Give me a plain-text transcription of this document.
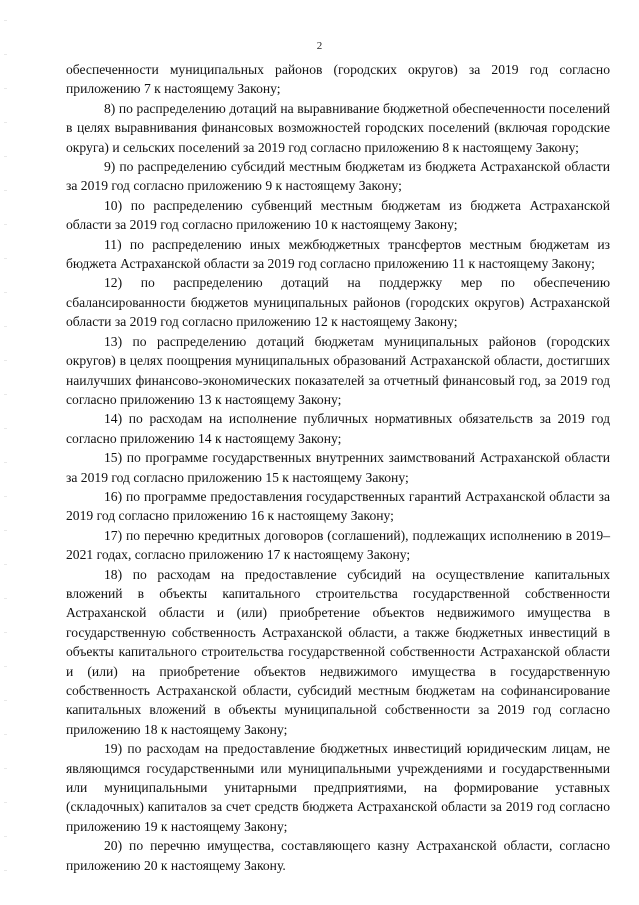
2

обеспеченности муниципальных районов (городских округов) за 2019 год согласно приложению 7 к настоящему Закону;

8) по распределению дотаций на выравнивание бюджетной обеспеченности поселений в целях выравнивания финансовых возможностей городских поселений (включая городские округа) и сельских поселений за 2019 год согласно приложению 8 к настоящему Закону;

9) по распределению субсидий местным бюджетам из бюджета Астраханской области за 2019 год согласно приложению 9 к настоящему Закону;

10) по распределению субвенций местным бюджетам из бюджета Астраханской области за 2019 год согласно приложению 10 к настоящему Закону;

11) по распределению иных межбюджетных трансфертов местным бюджетам из бюджета Астраханской области за 2019 год согласно приложению 11 к настоящему Закону;

12) по распределению дотаций на поддержку мер по обеспечению сбалансированности бюджетов муниципальных районов (городских округов) Астраханской области за 2019 год согласно приложению 12 к настоящему Закону;

13) по распределению дотаций бюджетам муниципальных районов (городских округов) в целях поощрения муниципальных образований Астраханской области, достигших наилучших финансово-экономических показателей за отчетный финансовый год, за 2019 год согласно приложению 13 к настоящему Закону;

14) по расходам на исполнение публичных нормативных обязательств за 2019 год согласно приложению 14 к настоящему Закону;

15) по программе государственных внутренних заимствований Астраханской области за 2019 год согласно приложению 15 к настоящему Закону;

16) по программе предоставления государственных гарантий Астраханской области за 2019 год согласно приложению 16 к настоящему Закону;

17) по перечню кредитных договоров (соглашений), подлежащих исполнению в 2019–2021 годах, согласно приложению 17 к настоящему Закону;

18) по расходам на предоставление субсидий на осуществление капитальных вложений в объекты капитального строительства государственной собственности Астраханской области и (или) приобретение объектов недвижимого имущества в государственную собственность Астраханской области, а также бюджетных инвестиций в объекты капитального строительства государственной собственности Астраханской области и (или) на приобретение объектов недвижимого имущества в государственную собственность Астраханской области, субсидий местным бюджетам на софинансирование капитальных вложений в объекты муниципальной собственности за 2019 год согласно приложению 18 к настоящему Закону;

19) по расходам на предоставление бюджетных инвестиций юридическим лицам, не являющимся государственными или муниципальными учреждениями и государственными или муниципальными унитарными предприятиями, на формирование уставных (складочных) капиталов за счет средств бюджета Астраханской области за 2019 год согласно приложению 19 к настоящему Закону;

20) по перечню имущества, составляющего казну Астраханской области, согласно приложению 20 к настоящему Закону.
